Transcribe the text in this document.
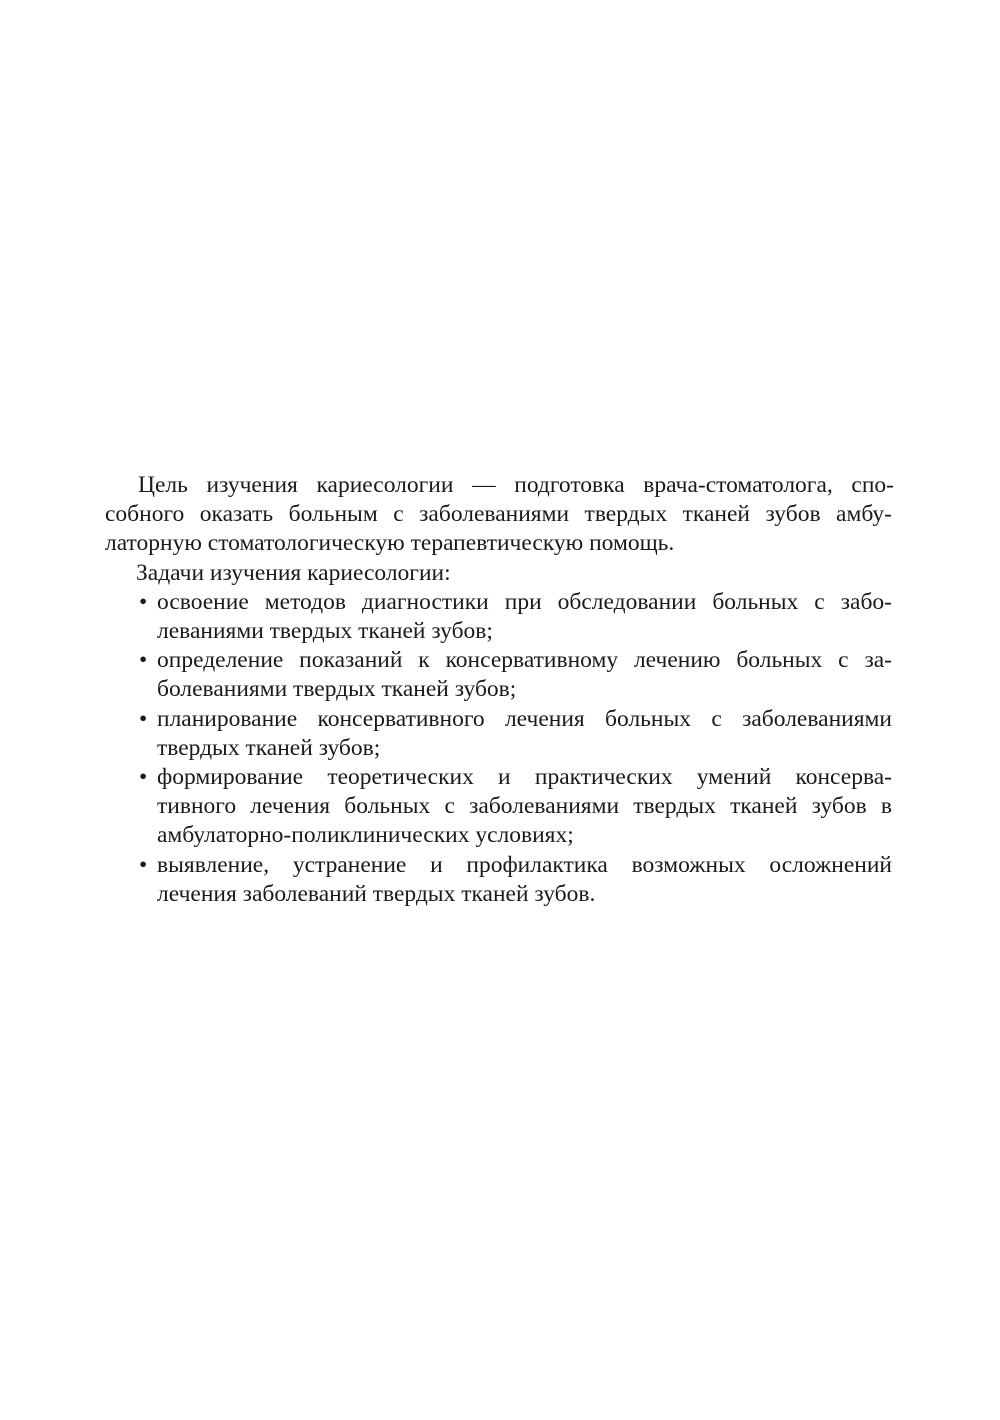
Цель изучения кариесологии — подготовка врача-стоматолога, спо-
собного оказать больным с заболеваниями твердых тканей зубов амбу-
латорную стоматологическую терапевтическую помощь.

Задачи изучения кариесологии:

• освоение методов диагностики при обследовании больных с забо-
леваниями твердых тканей зубов;
• определение показаний к консервативному лечению больных с за-
болеваниями твердых тканей зубов;
• планирование консервативного лечения больных с заболеваниями
твердых тканей зубов;
• формирование теоретических и практических умений консерва-
тивного лечения больных с заболеваниями твердых тканей зубов в
амбулаторно-поликлинических условиях;
• выявление, устранение и профилактика возможных осложнений
лечения заболеваний твердых тканей зубов.
